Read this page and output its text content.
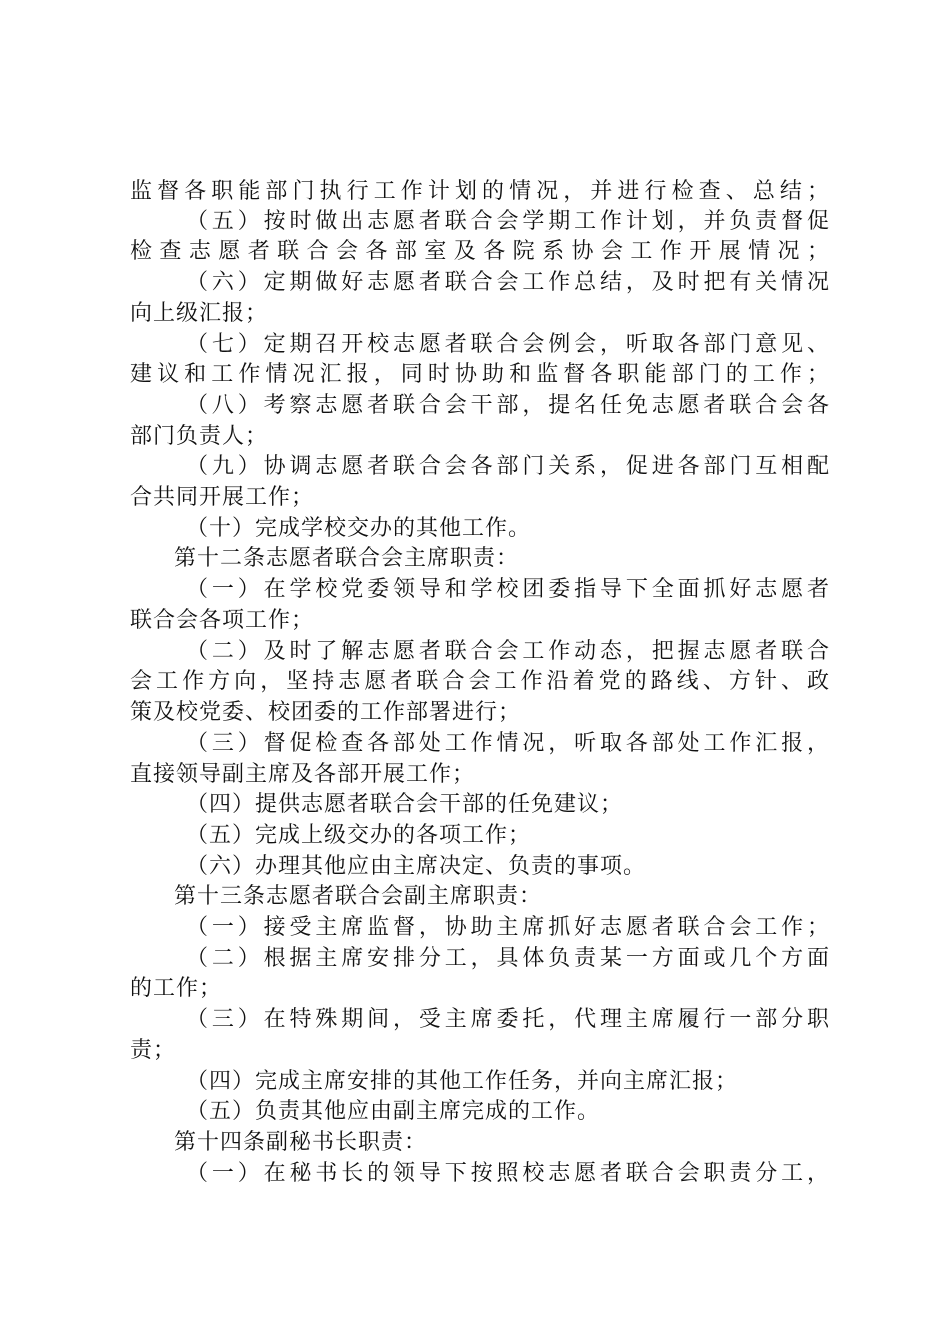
监督各职能部门执行工作计划的情况，并进行检查、总结；

（五）按时做出志愿者联合会学期工作计划，并负责督促

检查志愿者联合会各部室及各院系协会工作开展情况；

（六）定期做好志愿者联合会工作总结，及时把有关情况

向上级汇报；

（七）定期召开校志愿者联合会例会，听取各部门意见、

建议和工作情况汇报，同时协助和监督各职能部门的工作；

（八）考察志愿者联合会干部，提名任免志愿者联合会各

部门负责人；

（九）协调志愿者联合会各部门关系，促进各部门互相配

合共同开展工作；

（十）完成学校交办的其他工作。

第十二条志愿者联合会主席职责：

（一）在学校党委领导和学校团委指导下全面抓好志愿者

联合会各项工作；

（二）及时了解志愿者联合会工作动态，把握志愿者联合

会工作方向，坚持志愿者联合会工作沿着党的路线、方针、政

策及校党委、校团委的工作部署进行；

（三）督促检查各部处工作情况，听取各部处工作汇报，

直接领导副主席及各部开展工作；

（四）提供志愿者联合会干部的任免建议；

（五）完成上级交办的各项工作；

（六）办理其他应由主席决定、负责的事项。

第十三条志愿者联合会副主席职责：

（一）接受主席监督，协助主席抓好志愿者联合会工作；

（二）根据主席安排分工，具体负责某一方面或几个方面

的工作；

（三）在特殊期间，受主席委托，代理主席履行一部分职

责；

（四）完成主席安排的其他工作任务，并向主席汇报；

（五）负责其他应由副主席完成的工作。

第十四条副秘书长职责：

（一）在秘书长的领导下按照校志愿者联合会职责分工，
